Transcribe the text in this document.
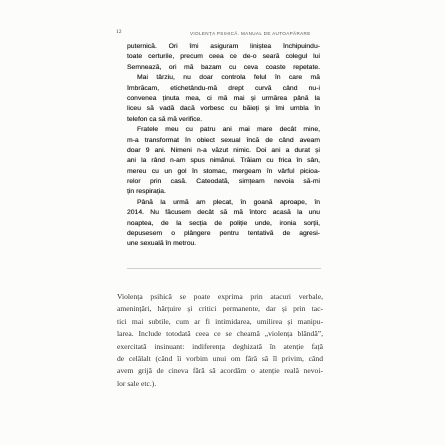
12	VIOLENȚA PSIHICĂ. MANUAL DE AUTOAPĂRARE
puternică. Ori îmi asiguram liniștea închipuindu-
toate certurile, precum ceea ce de-o seară colegul lui
Semnează, ori mă bazam cu ceva coaste repetate.
Mai târziu, nu doar controla felul în care mă
îmbrăcam, etichetându-mă drept curvă când nu-i
convenea ținuta mea, ci mă mai și urmărea până la
liceu să vadă dacă vorbesc cu băieți și îmi umbla în
telefon ca să mă verifice.
Fratele meu cu patru ani mai mare decât mine,
m-a transformat în obiect sexual încă de când aveam
doar 9 ani. Nimeni n-a văzut nimic. Doi ani a durat și
ani la rând n-am spus nimănui. Trăiam cu frica în sân,
mereu cu un gol în stomac, mergeam în vârful picioa-
relor prin casă. Cateodată, simțeam nevoia să-mi
țin respirația.
Până la urmă am plecat, în goană aproape, în
2014. Nu făcusem decât să mă întorc acasă la unu
noaptea, de la secția de poliție unde, ironia sorții,
depusesem o plângere pentru tentativă de agresi-
une sexuală în metrou.
Violența psihică se poate exprima prin atacuri verbale,
amenințări, hărțuire și critici permanente, dar și prin tac-
tici mai subtile, cum ar fi intimidarea, umilirea și manipu-
larea. Include totodată ceea ce se cheamă „violența blândă”,
exercitată insinuant: indiferența deghizată în atenție față
de celălalt (când îi vorbim unui om fără să îl privim, când
avem grijă de cineva fără să acordăm o atenție reală nevoi-
lor sale etc.).
